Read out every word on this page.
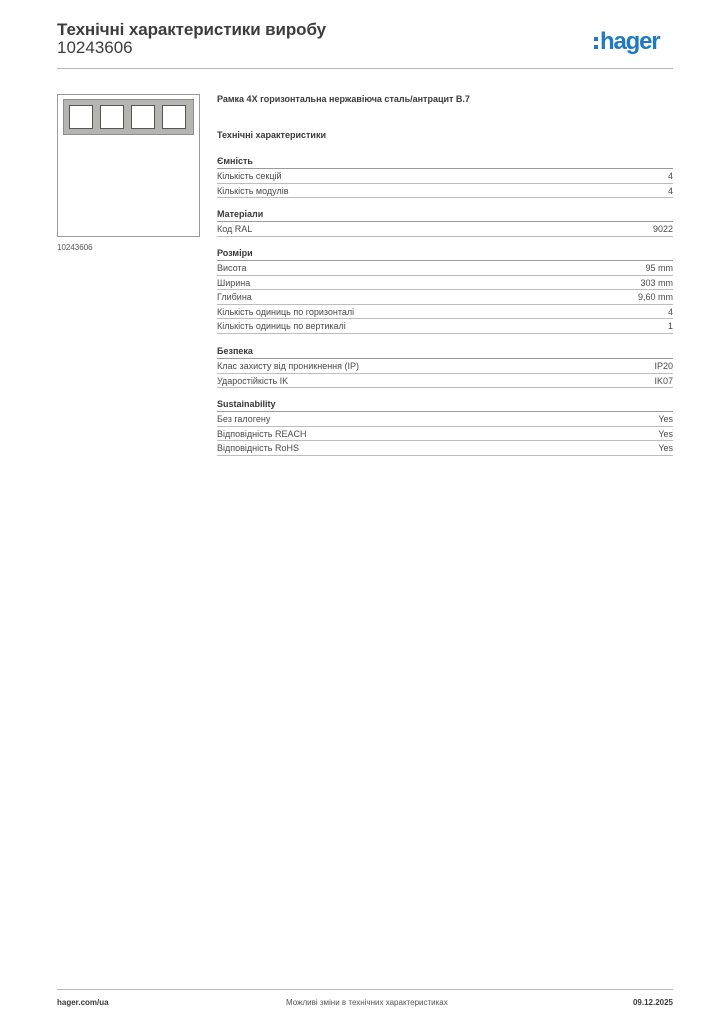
Технічні характеристики виробу
10243606	hager
10243606
Рамка 4X горизонтальна нержавіюча сталь/антрацит B.7
Технічні характеристики
Ємність
Кількість секцій	4
Кількість модулів	4
Матеріали
Код RAL	9022
Розміри
Висота	95 mm
Ширина	303 mm
Глибина	9,60 mm
Кількість одиниць по горизонталі	4
Кількість одиниць по вертикалі	1
Безпека
Клас захисту від проникнення (IP)	IP20
Ударостійкість IK	IK07
Sustainability
Без галогену	Yes
Відповідність REACH	Yes
Відповідність RoHS	Yes
hager.com/ua	Можливі зміни в технічних характеристиках	09.12.2025
